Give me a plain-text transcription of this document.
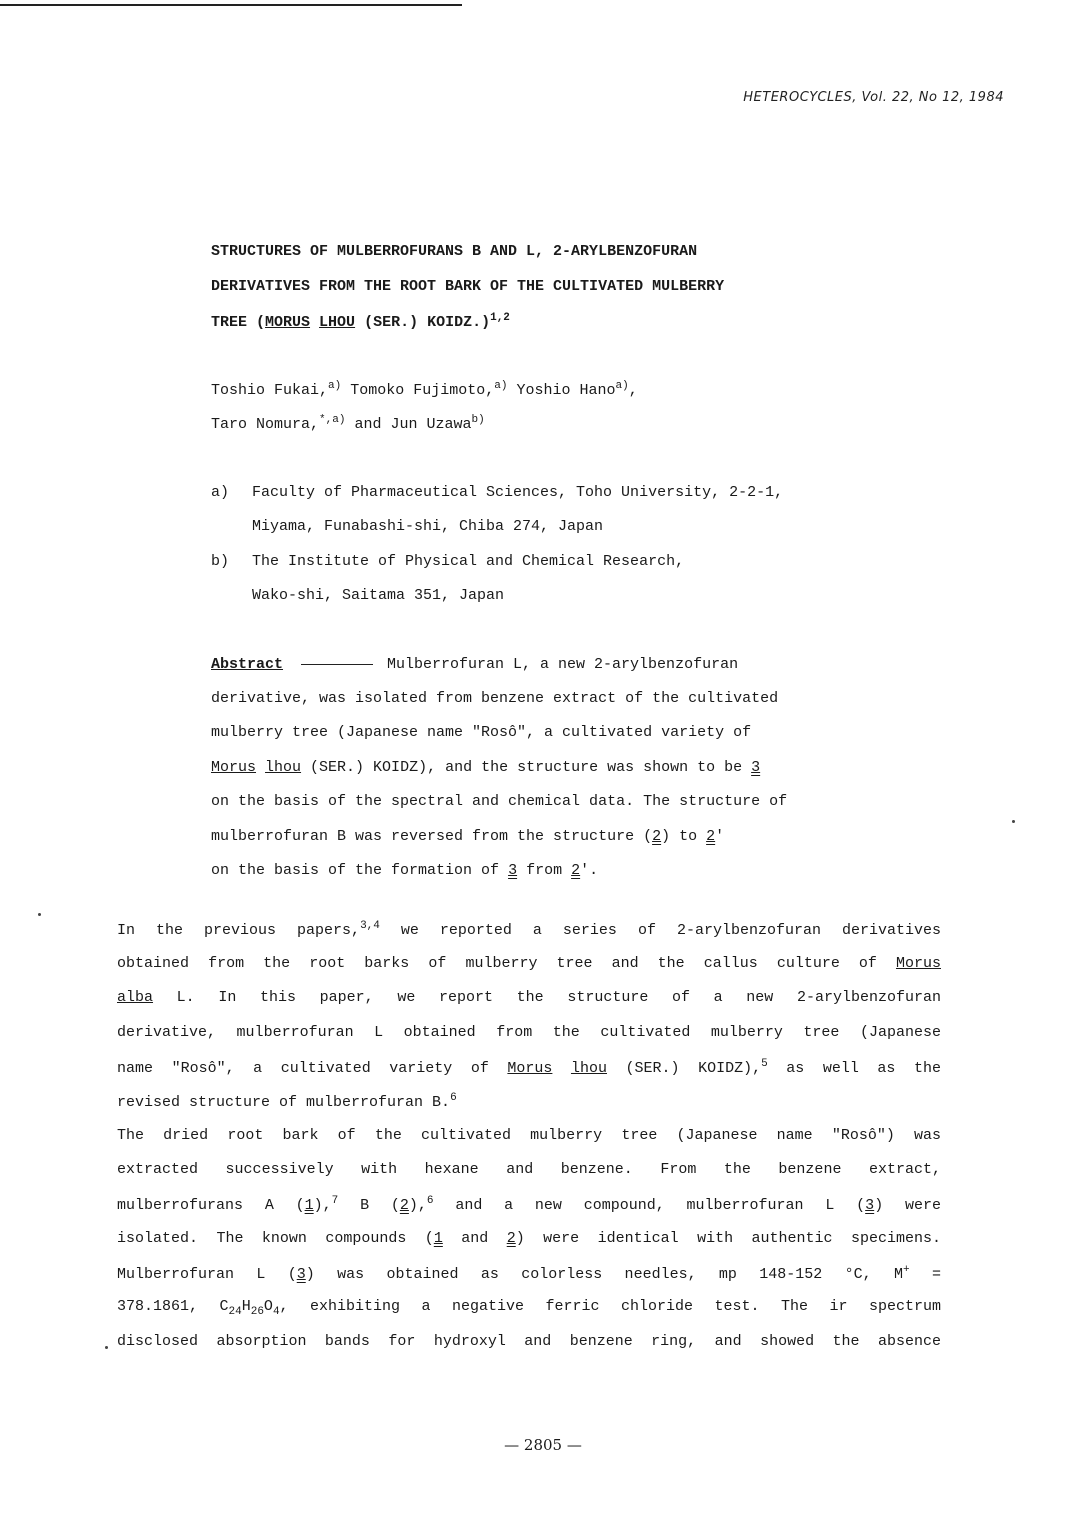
HETEROCYCLES, Vol. 22, No 12, 1984
STRUCTURES OF MULBERROFURANS B AND L, 2-ARYLBENZOFURAN
DERIVATIVES FROM THE ROOT BARK OF THE CULTIVATED MULBERRY
TREE (MORUS LHOU (SER.) KOIDZ.)$^{1,2}$
Toshio Fukai,$^{a)}$ Tomoko Fujimoto,$^{a)}$ Yoshio Hano$^{a)}$,
Taro Nomura,$^{*,a)}$ and Jun Uzawa$^{b)}$
a) Faculty of Pharmaceutical Sciences, Toho University, 2-2-1,
Miyama, Funabashi-shi, Chiba 274, Japan
b) The Institute of Physical and Chemical Research,
Wako-shi, Saitama 351, Japan
Abstract	Mulberrofuran L, a new 2-arylbenzofuran
derivative, was isolated from benzene extract of the cultivated
mulberry tree (Japanese name "Rosô", a cultivated variety of
Morus lhou (SER.) KOIDZ), and the structure was shown to be 3
on the basis of the spectral and chemical data. The structure of
mulberrofuran B was reversed from the structure (2) to 2'
on the basis of the formation of 3 from 2'.
In the previous papers,$^{3,4}$ we reported a series of 2-arylbenzofuran derivatives
obtained from the root barks of mulberry tree and the callus culture of Morus
alba L. In this paper, we report the structure of a new 2-arylbenzofuran
derivative, mulberrofuran L obtained from the cultivated mulberry tree (Japanese
name "Rosô", a cultivated variety of Morus lhou (SER.) KOIDZ),$^5$ as well as the
revised structure of mulberrofuran B.$^6$
The dried root bark of the cultivated mulberry tree (Japanese name "Rosô") was
extracted successively with hexane and benzene. From the benzene extract,
mulberrofurans A (1),$^7$ B (2),$^6$ and a new compound, mulberrofuran L (3) were
isolated. The known compounds (1 and 2) were identical with authentic specimens.
Mulberrofuran L (3) was obtained as colorless needles, mp 148-152 °C, M+ =
378.1861, $C_{24}H_{26}O_4$, exhibiting a negative ferric chloride test. The ir spectrum
disclosed absorption bands for hydroxyl and benzene ring, and showed the absence
— 2805 —
